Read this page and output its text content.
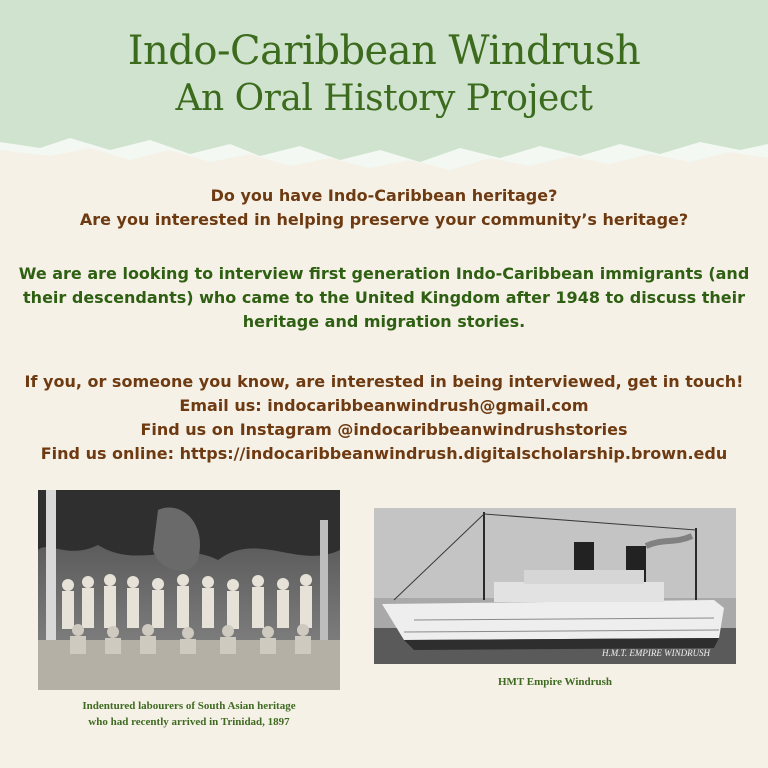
Indo-Caribbean Windrush
An Oral History Project
Do you have Indo-Caribbean heritage?
Are you interested in helping preserve your community’s heritage?
We are are looking to interview first generation Indo-Caribbean immigrants (and
their descendants) who came to the United Kingdom after 1948 to discuss their
heritage and migration stories.
If you, or someone you know, are interested in being interviewed, get in touch!
Email us: indocaribbeanwindrush@gmail.com
Find us on Instagram @indocaribbeanwindrushstories
Find us online: https://indocaribbeanwindrush.digitalscholarship.brown.edu
Indentured labourers of South Asian heritage
who had recently arrived in Trinidad, 1897
H.M.T. EMPIRE WINDRUSH
HMT Empire Windrush
